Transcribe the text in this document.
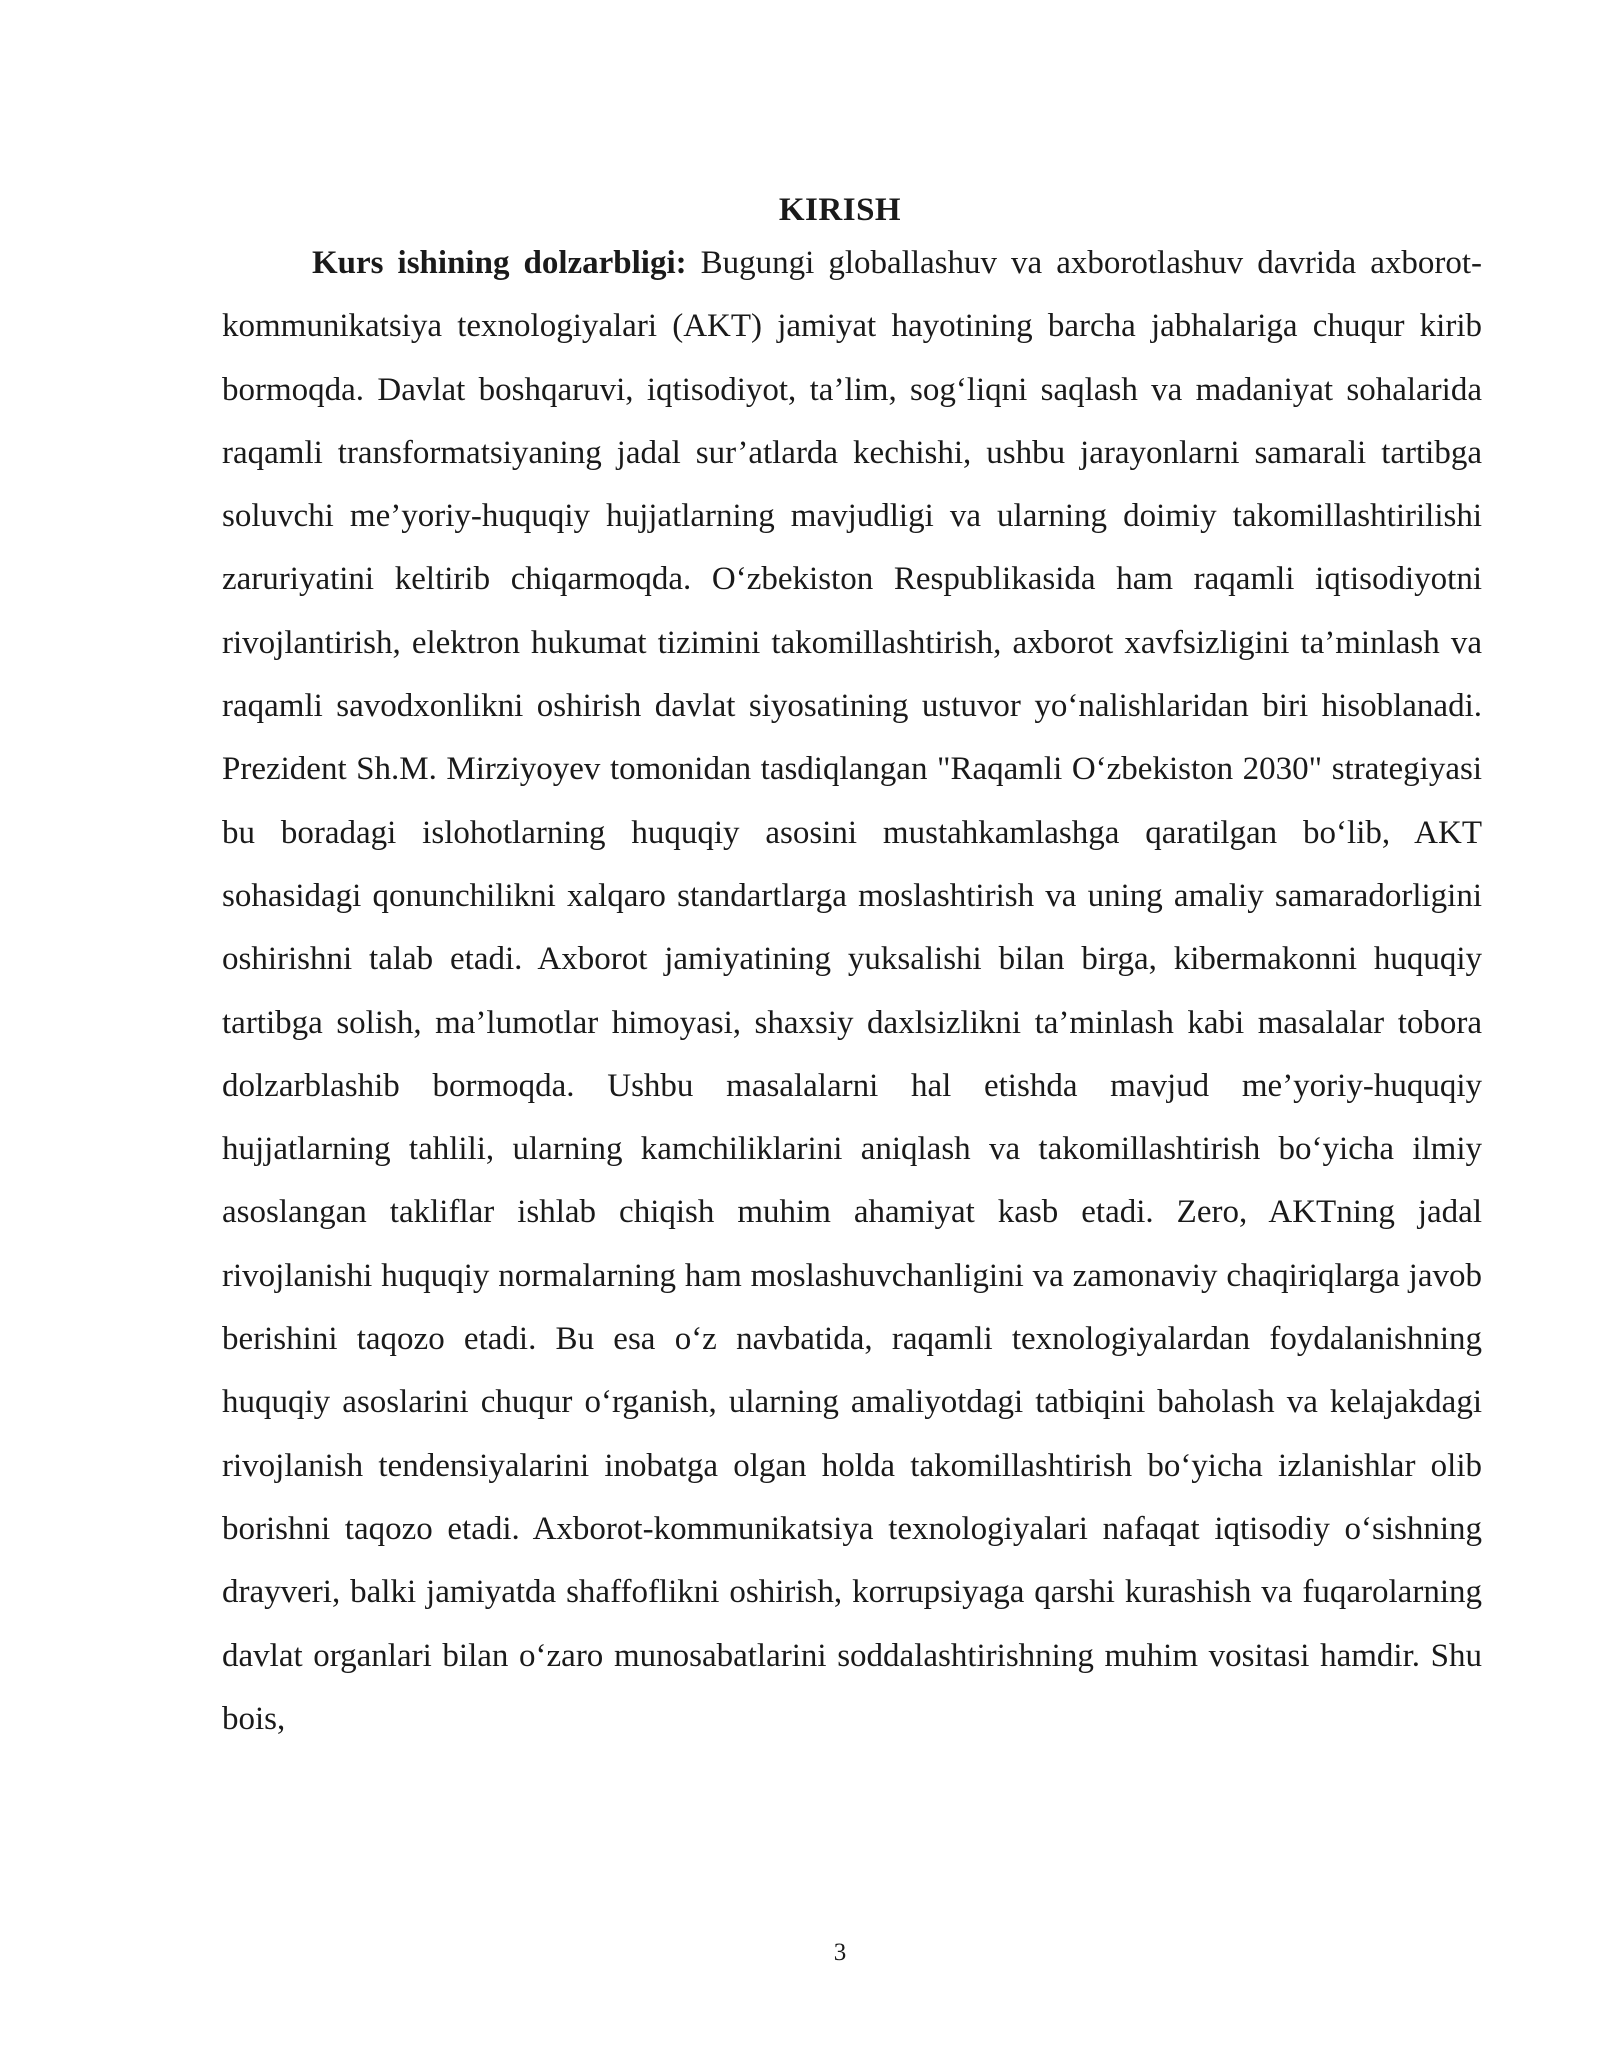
KIRISH

Kurs ishining dolzarbligi: Bugungi globallashuv va axborotlashuv davrida axborot-kommunikatsiya texnologiyalari (AKT) jamiyat hayotining barcha jabhalariga chuqur kirib bormoqda. Davlat boshqaruvi, iqtisodiyot, ta’lim, sog‘liqni saqlash va madaniyat sohalarida raqamli transformatsiyaning jadal sur’atlarda kechishi, ushbu jarayonlarni samarali tartibga soluvchi me’yoriy-huquqiy hujjatlarning mavjudligi va ularning doimiy takomillashtirilishi zaruriyatini keltirib chiqarmoqda. O‘zbekiston Respublikasida ham raqamli iqtisodiyotni rivojlantirish, elektron hukumat tizimini takomillashtirish, axborot xavfsizligini ta’minlash va raqamli savodxonlikni oshirish davlat siyosatining ustuvor yo‘nalishlaridan biri hisoblanadi. Prezident Sh.M. Mirziyoyev tomonidan tasdiqlangan "Raqamli O‘zbekiston 2030" strategiyasi bu boradagi islohotlarning huquqiy asosini mustahkamlashga qaratilgan bo‘lib, AKT sohasidagi qonunchilikni xalqaro standartlarga moslashtirish va uning amaliy samaradorligini oshirishni talab etadi. Axborot jamiyatining yuksalishi bilan birga, kibermakonni huquqiy tartibga solish, ma’lumotlar himoyasi, shaxsiy daxlsizlikni ta’minlash kabi masalalar tobora dolzarblashib bormoqda. Ushbu masalalarni hal etishda mavjud me’yoriy-huquqiy hujjatlarning tahlili, ularning kamchiliklarini aniqlash va takomillashtirish bo‘yicha ilmiy asoslangan takliflar ishlab chiqish muhim ahamiyat kasb etadi. Zero, AKTning jadal rivojlanishi huquqiy normalarning ham moslashuvchanligini va zamonaviy chaqiriqlarga javob berishini taqozo etadi. Bu esa o‘z navbatida, raqamli texnologiyalardan foydalanishning huquqiy asoslarini chuqur o‘rganish, ularning amaliyotdagi tatbiqini baholash va kelajakdagi rivojlanish tendensiyalarini inobatga olgan holda takomillashtirish bo‘yicha izlanishlar olib borishni taqozo etadi. Axborot-kommunikatsiya texnologiyalari nafaqat iqtisodiy o‘sishning drayveri, balki jamiyatda shaffoflikni oshirish, korrupsiyaga qarshi kurashish va fuqarolarning davlat organlari bilan o‘zaro munosabatlarini soddalashtirishning muhim vositasi hamdir. Shu bois,

3
